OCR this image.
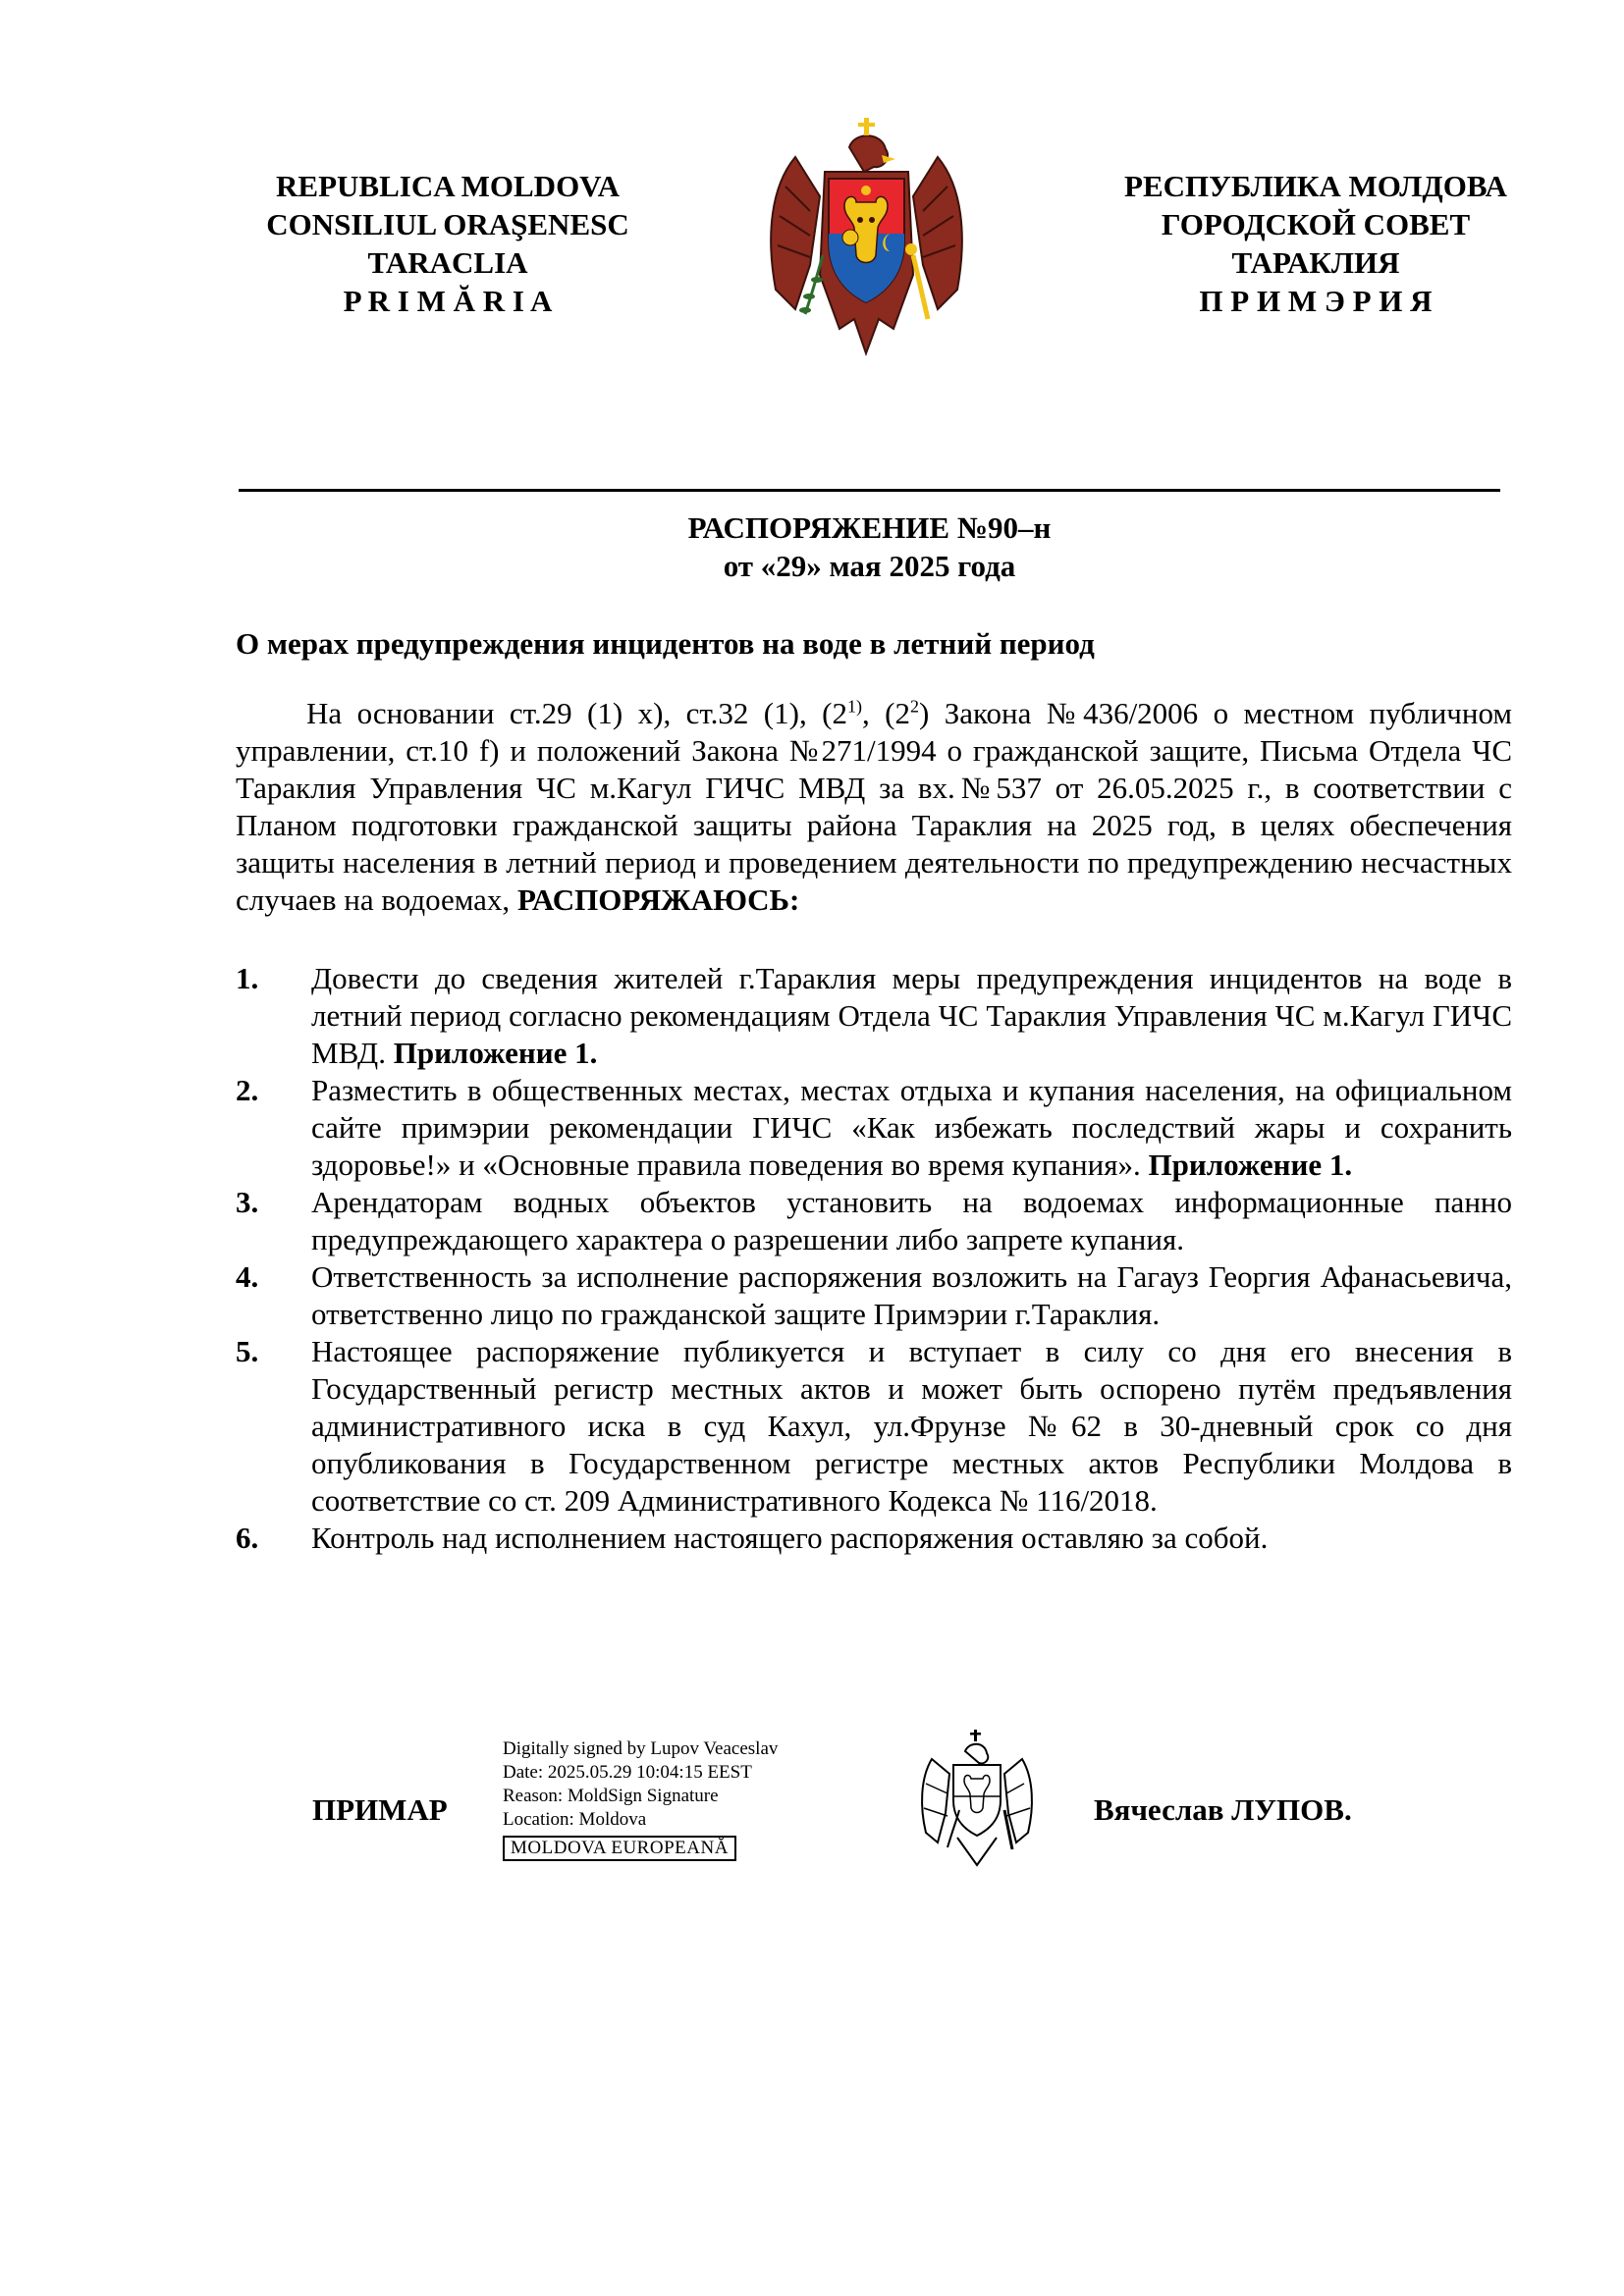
REPUBLICA MOLDOVA
CONSILIUL ORAŞENESC
TARACLIA
P R I M Ă R I A
РЕСПУБЛИКА МОЛДОВА
ГОРОДСКОЙ СОВЕТ
ТАРАКЛИЯ
П Р И М Э Р И Я
РАСПОРЯЖЕНИЕ №90–н
от «29» мая 2025 года
О мерах предупреждения инцидентов на воде в летний период
На основании ст.29 (1) x), ст.32 (1), (2$^{1)}$, $(2^2)$ Закона №436/2006 о местном публичном управлении, ст.10 f) и положений Закона №271/1994 о гражданской защите, Письма Отдела ЧС Тараклия Управления ЧС м.Кагул ГИЧС МВД за вх.№537 от 26.05.2025 г., в соответствии с Планом подготовки гражданской защиты района Тараклия на 2025 год, в целях обеспечения защиты населения в летний период и проведением деятельности по предупреждению несчастных случаев на водоемах, РАСПОРЯЖАЮСЬ:
1. Довести до сведения жителей г.Тараклия меры предупреждения инцидентов на воде в летний период согласно рекомендациям Отдела ЧС Тараклия Управления ЧС м.Кагул ГИЧС МВД. Приложение 1.
2. Разместить в общественных местах, местах отдыха и купания населения, на официальном сайте примэрии рекомендации ГИЧС «Как избежать последствий жары и сохранить здоровье!» и «Основные правила поведения во время купания». Приложение 1.
3. Арендаторам водных объектов установить на водоемах информационные панно предупреждающего характера о разрешении либо запрете купания.
4. Ответственность за исполнение распоряжения возложить на Гагауз Георгия Афанасьевича, ответственно лицо по гражданской защите Примэрии г.Тараклия.
5. Настоящее распоряжение публикуется и вступает в силу со дня его внесения в Государственный регистр местных актов и может быть оспорено путём предъявления административного иска в суд Кахул, ул.Фрунзе №62 в 30-дневный срок со дня опубликования в Государственном регистре местных актов Республики Молдова в соответствие со ст. 209 Административного Кодекса № 116/2018.
6. Контроль над исполнением настоящего распоряжения оставляю за собой.
ПРИМАР
Digitally signed by Lupov Veaceslav
Date: 2025.05.29 10:04:15 EEST
Reason: MoldSign Signature
Location: Moldova
MOLDOVA EUROPEANĂ
Вячеслав ЛУПОВ.
